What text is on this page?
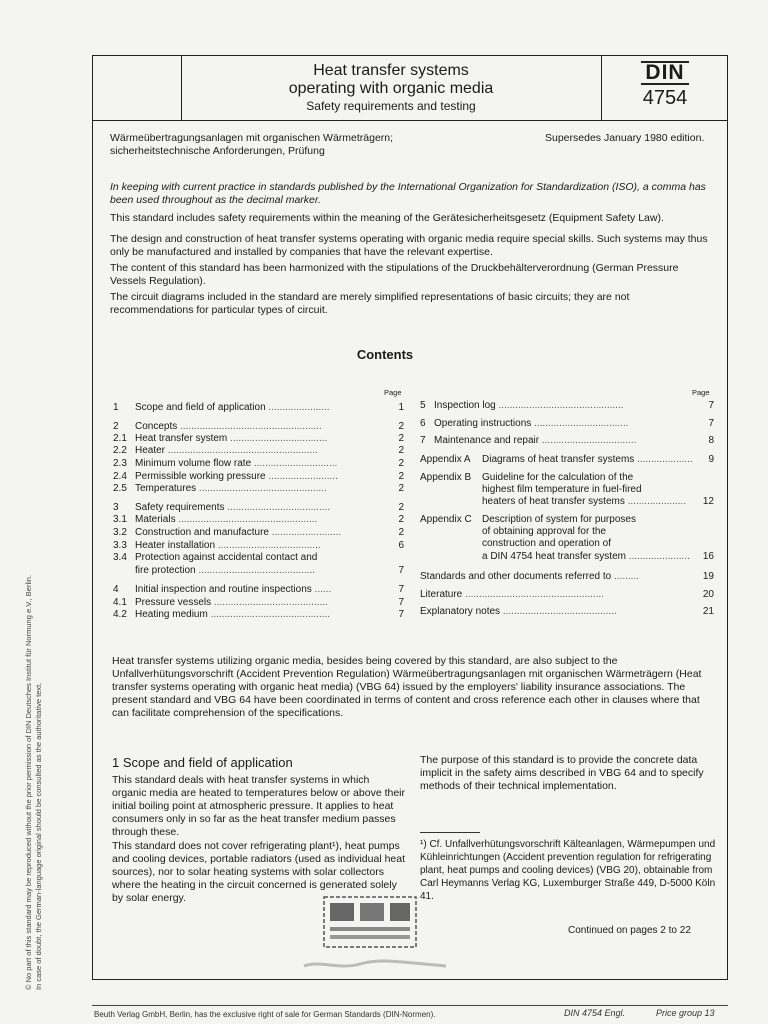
Heat transfer systems
operating with organic media
Safety requirements and testing
DIN
4754
Wärmeübertragungsanlagen mit organischen Wärmeträgern;
sicherheitstechnische Anforderungen, Prüfung
Supersedes January 1980 edition.
In keeping with current practice in standards published by the International Organization for Standardization (ISO), a comma has been used throughout as the decimal marker.
This standard includes safety requirements within the meaning of the Gerätesicherheitsgesetz (Equipment Safety Law).
The design and construction of heat transfer systems operating with organic media require special skills. Such systems may thus only be manufactured and installed by companies that have the relevant expertise.
The content of this standard has been harmonized with the stipulations of the Druckbehälterverordnung (German Pressure Vessels Regulation).
The circuit diagrams included in the standard are merely simplified representations of basic circuits; they are not recommendations for particular types of circuit.
Contents
Page	Page
1 Scope and field of application ......................	1
2 Concepts ...................................................	2
2.1 Heat transfer system ...................................	2
2.2 Heater ......................................................	2
2.3 Minimum volume flow rate ..............................	2
2.4 Permissible working pressure .........................	2
2.5 Temperatures ..............................................	2
3 Safety requirements .....................................	2
3.1 Materials ..................................................	2
3.2 Construction and manufacture .........................	2
3.3 Heater installation .....................................	6
3.4 Protection against accidental contact and
fire protection ..........................................	7
4 Initial inspection and routine inspections ......	7
4.1 Pressure vessels .........................................	7
4.2 Heating medium ...........................................	7
5 Inspection log .............................................	7
6 Operating instructions ..................................	7
7 Maintenance and repair ..................................	8
Appendix A Diagrams of heat transfer systems ....................	9
Appendix B Guideline for the calculation of the
highest film temperature in fuel-fired
heaters of heat transfer systems .....................	12
Appendix C Description of system for purposes
of obtaining approval for the
construction and operation of
a DIN 4754 heat transfer system ......................	16
Standards and other documents referred to .........	19
Literature ..................................................	20
Explanatory notes .........................................	21
Heat transfer systems utilizing organic media, besides being covered by this standard, are also subject to the Unfallverhütungsvorschrift (Accident Prevention Regulation) Wärmeübertragungsanlagen mit organischen Wärmeträgern (Heat transfer systems operating with organic heat media) (VBG 64) issued by the employers' liability insurance associations. The present standard and VBG 64 have been coordinated in terms of content and cross reference each other in clauses where that can facilitate comprehension of the specifications.
1 Scope and field of application
This standard deals with heat transfer systems in which organic media are heated to temperatures below or above their initial boiling point at atmospheric pressure. It applies to heat consumers only in so far as the heat transfer medium passes through these.
This standard does not cover refrigerating plant¹), heat pumps and cooling devices, portable radiators (used as individual heat sources), nor to solar heating systems with solar collectors where the heating in the circuit concerned is generated solely by solar energy.
The purpose of this standard is to provide the concrete data implicit in the safety aims described in VBG 64 and to specify methods of their technical implementation.
¹) Cf. Unfallverhütungsvorschrift Kälteanlagen, Wärmepumpen und Kühleinrichtungen (Accident prevention regulation for refrigerating plant, heat pumps and cooling devices) (VBG 20), obtainable from Carl Heymanns Verlag KG, Luxemburger Straße 449, D-5000 Köln 41.
Continued on pages 2 to 22
© No part of this standard may be reproduced without the prior permission of DIN Deutsches Institut für Normung e.V., Berlin. In case of doubt, the German-language original should be consulted as the authoritative text.
Beuth Verlag GmbH, Berlin, has the exclusive right of sale for German Standards (DIN-Normen).	DIN 4754 Engl.	Price group 13
